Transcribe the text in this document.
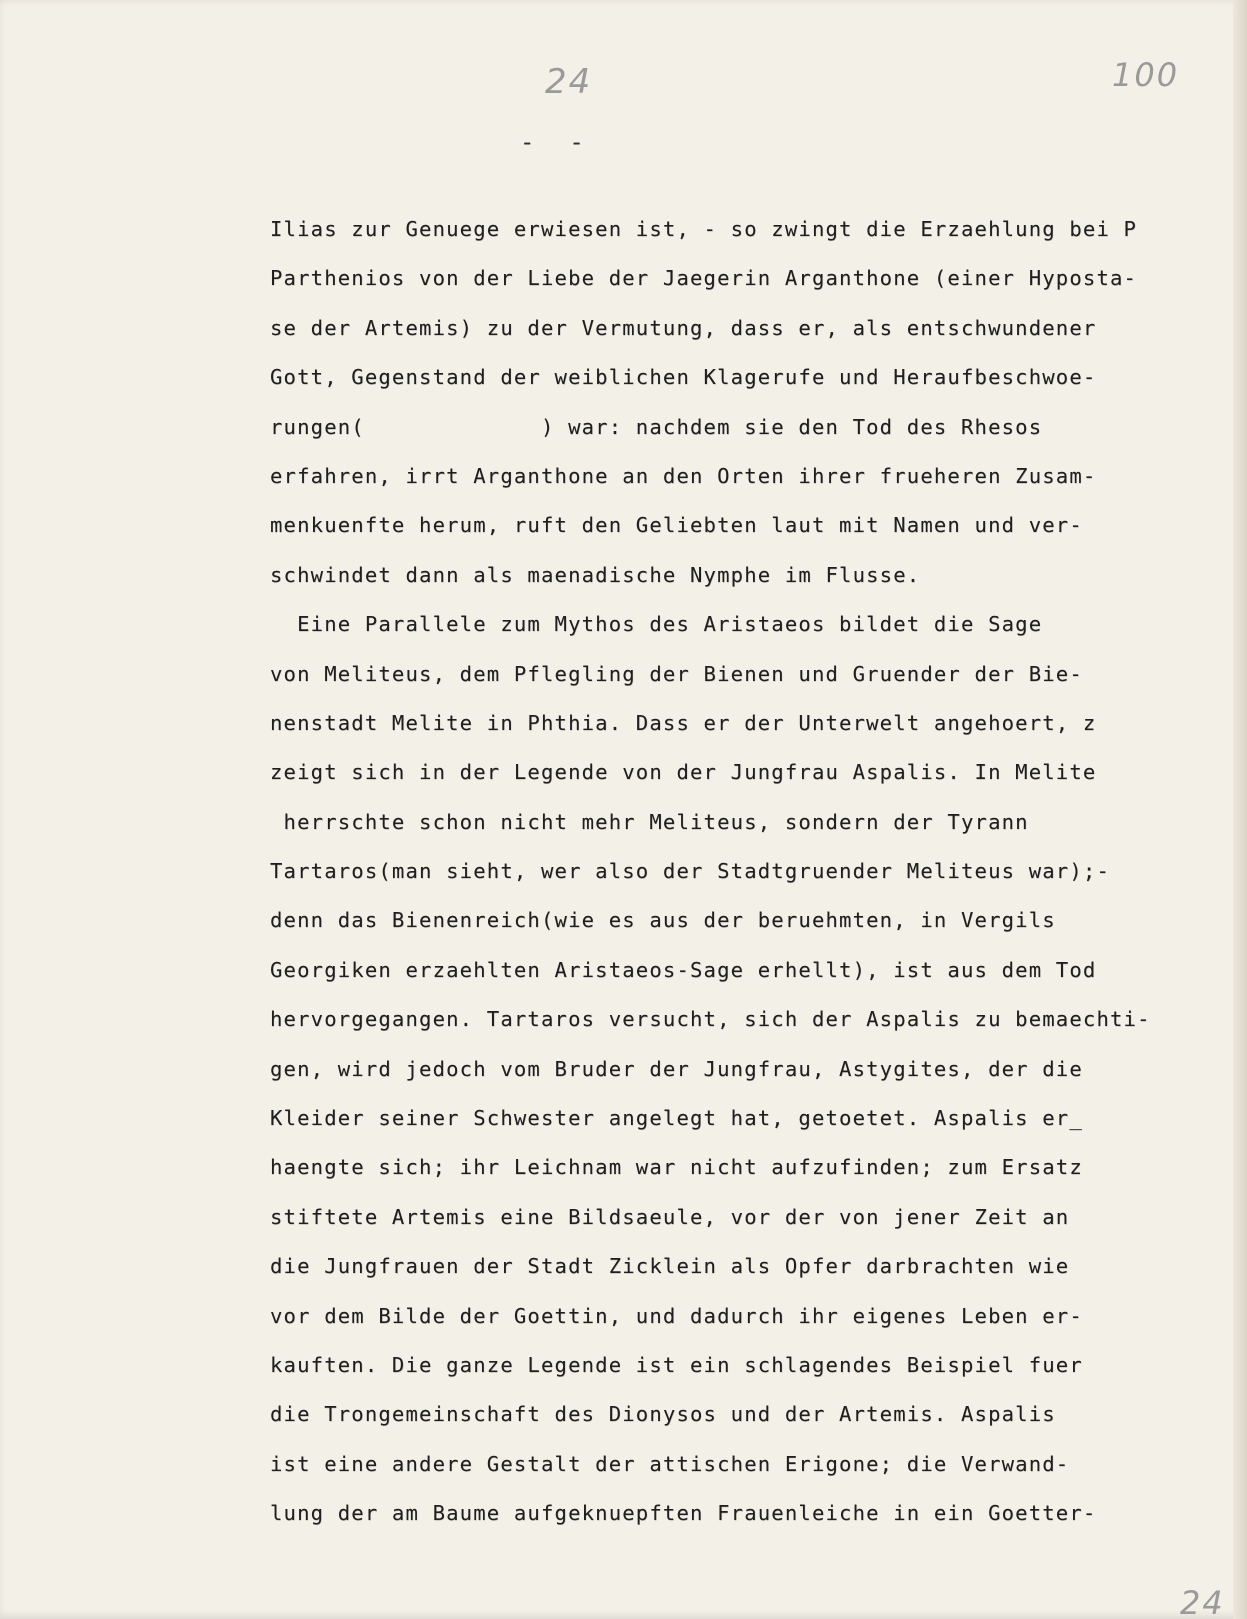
24	100
-  -
Ilias zur Genuege erwiesen ist, - so zwingt die Erzaehlung bei P
Parthenios von der Liebe der Jaegerin Arganthone (einer Hyposta-
se der Artemis) zu der Vermutung, dass er, als entschwundener
Gott, Gegenstand der weiblichen Klagerufe und Heraufbeschwoe-
rungen(             ) war: nachdem sie den Tod des Rhesos
erfahren, irrt Arganthone an den Orten ihrer frueheren Zusam-
menkuenfte herum, ruft den Geliebten laut mit Namen und ver-
schwindet dann als maenadische Nymphe im Flusse.
Eine Parallele zum Mythos des Aristaeos bildet die Sage
von Meliteus, dem Pflegling der Bienen und Gruender der Bie-
nenstadt Melite in Phthia. Dass er der Unterwelt angehoert, z
zeigt sich in der Legende von der Jungfrau Aspalis. In Melite
herrschte schon nicht mehr Meliteus, sondern der Tyrann
Tartaros(man sieht, wer also der Stadtgruender Meliteus war);-
denn das Bienenreich(wie es aus der beruehmten, in Vergils
Georgiken erzaehlten Aristaeos-Sage erhellt), ist aus dem Tod
hervorgegangen. Tartaros versucht, sich der Aspalis zu bemaechti-
gen, wird jedoch vom Bruder der Jungfrau, Astygites, der die
Kleider seiner Schwester angelegt hat, getoetet. Aspalis er_
haengte sich; ihr Leichnam war nicht aufzufinden; zum Ersatz
stiftete Artemis eine Bildsaeule, vor der von jener Zeit an
die Jungfrauen der Stadt Zicklein als Opfer darbrachten wie
vor dem Bilde der Goettin, und dadurch ihr eigenes Leben er-
kauften. Die ganze Legende ist ein schlagendes Beispiel fuer
die Trongemeinschaft des Dionysos und der Artemis. Aspalis
ist eine andere Gestalt der attischen Erigone; die Verwand-
lung der am Baume aufgeknuepften Frauenleiche in ein Goetter-
24
